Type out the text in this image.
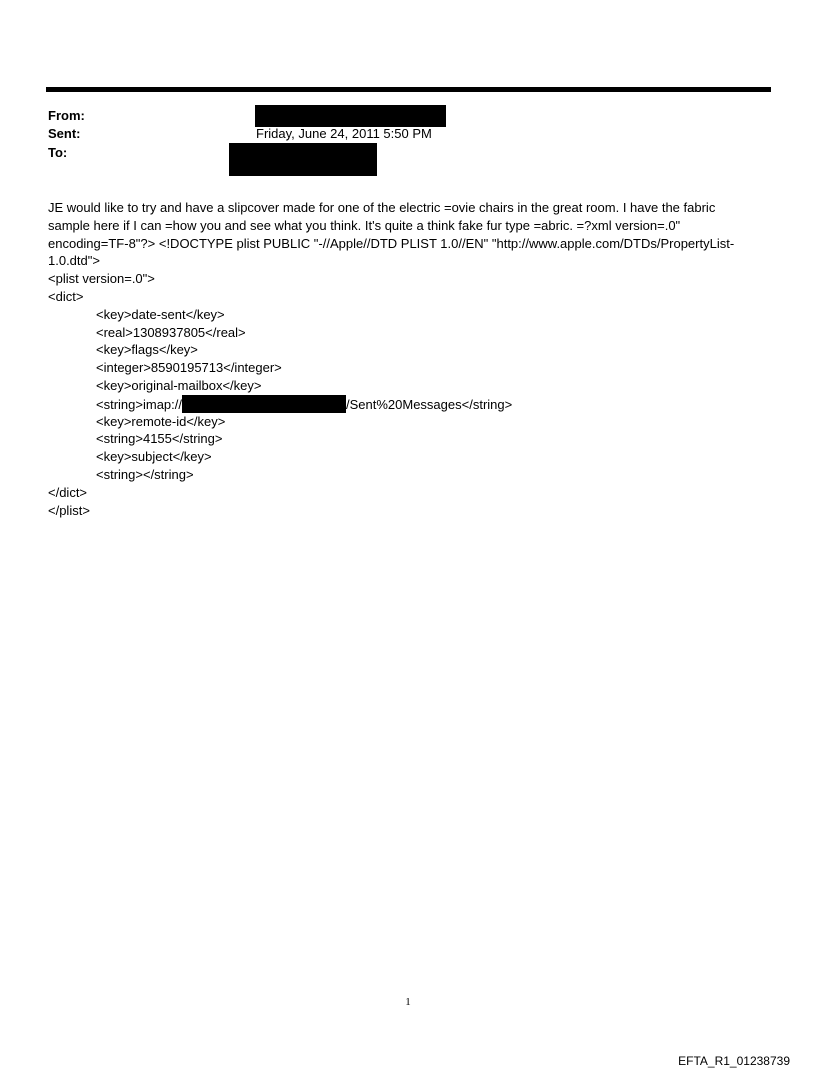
From:
Sent:	Friday, June 24, 2011 5:50 PM
To:

JE would like to try and have a slipcover made for one of the electric =ovie chairs in the great room. I have the fabric sample here if I can =how you and see what you think. It's quite a think fake fur type =abric. =?xml version=.0" encoding=TF-8"?> <!DOCTYPE plist PUBLIC "-//Apple//DTD PLIST 1.0//EN" "http://www.apple.com/DTDs/PropertyList-1.0.dtd">

<plist version=.0">
<dict>
<key>date-sent</key>
<real>1308937805</real>
<key>flags</key>
<integer>8590195713</integer>
<key>original-mailbox</key>
<string>imap://	/Sent%20Messages</string>
<key>remote-id</key>
<string>4155</string>
<key>subject</key>
<string></string>
</dict>
</plist>
1
EFTA_R1_01238739
